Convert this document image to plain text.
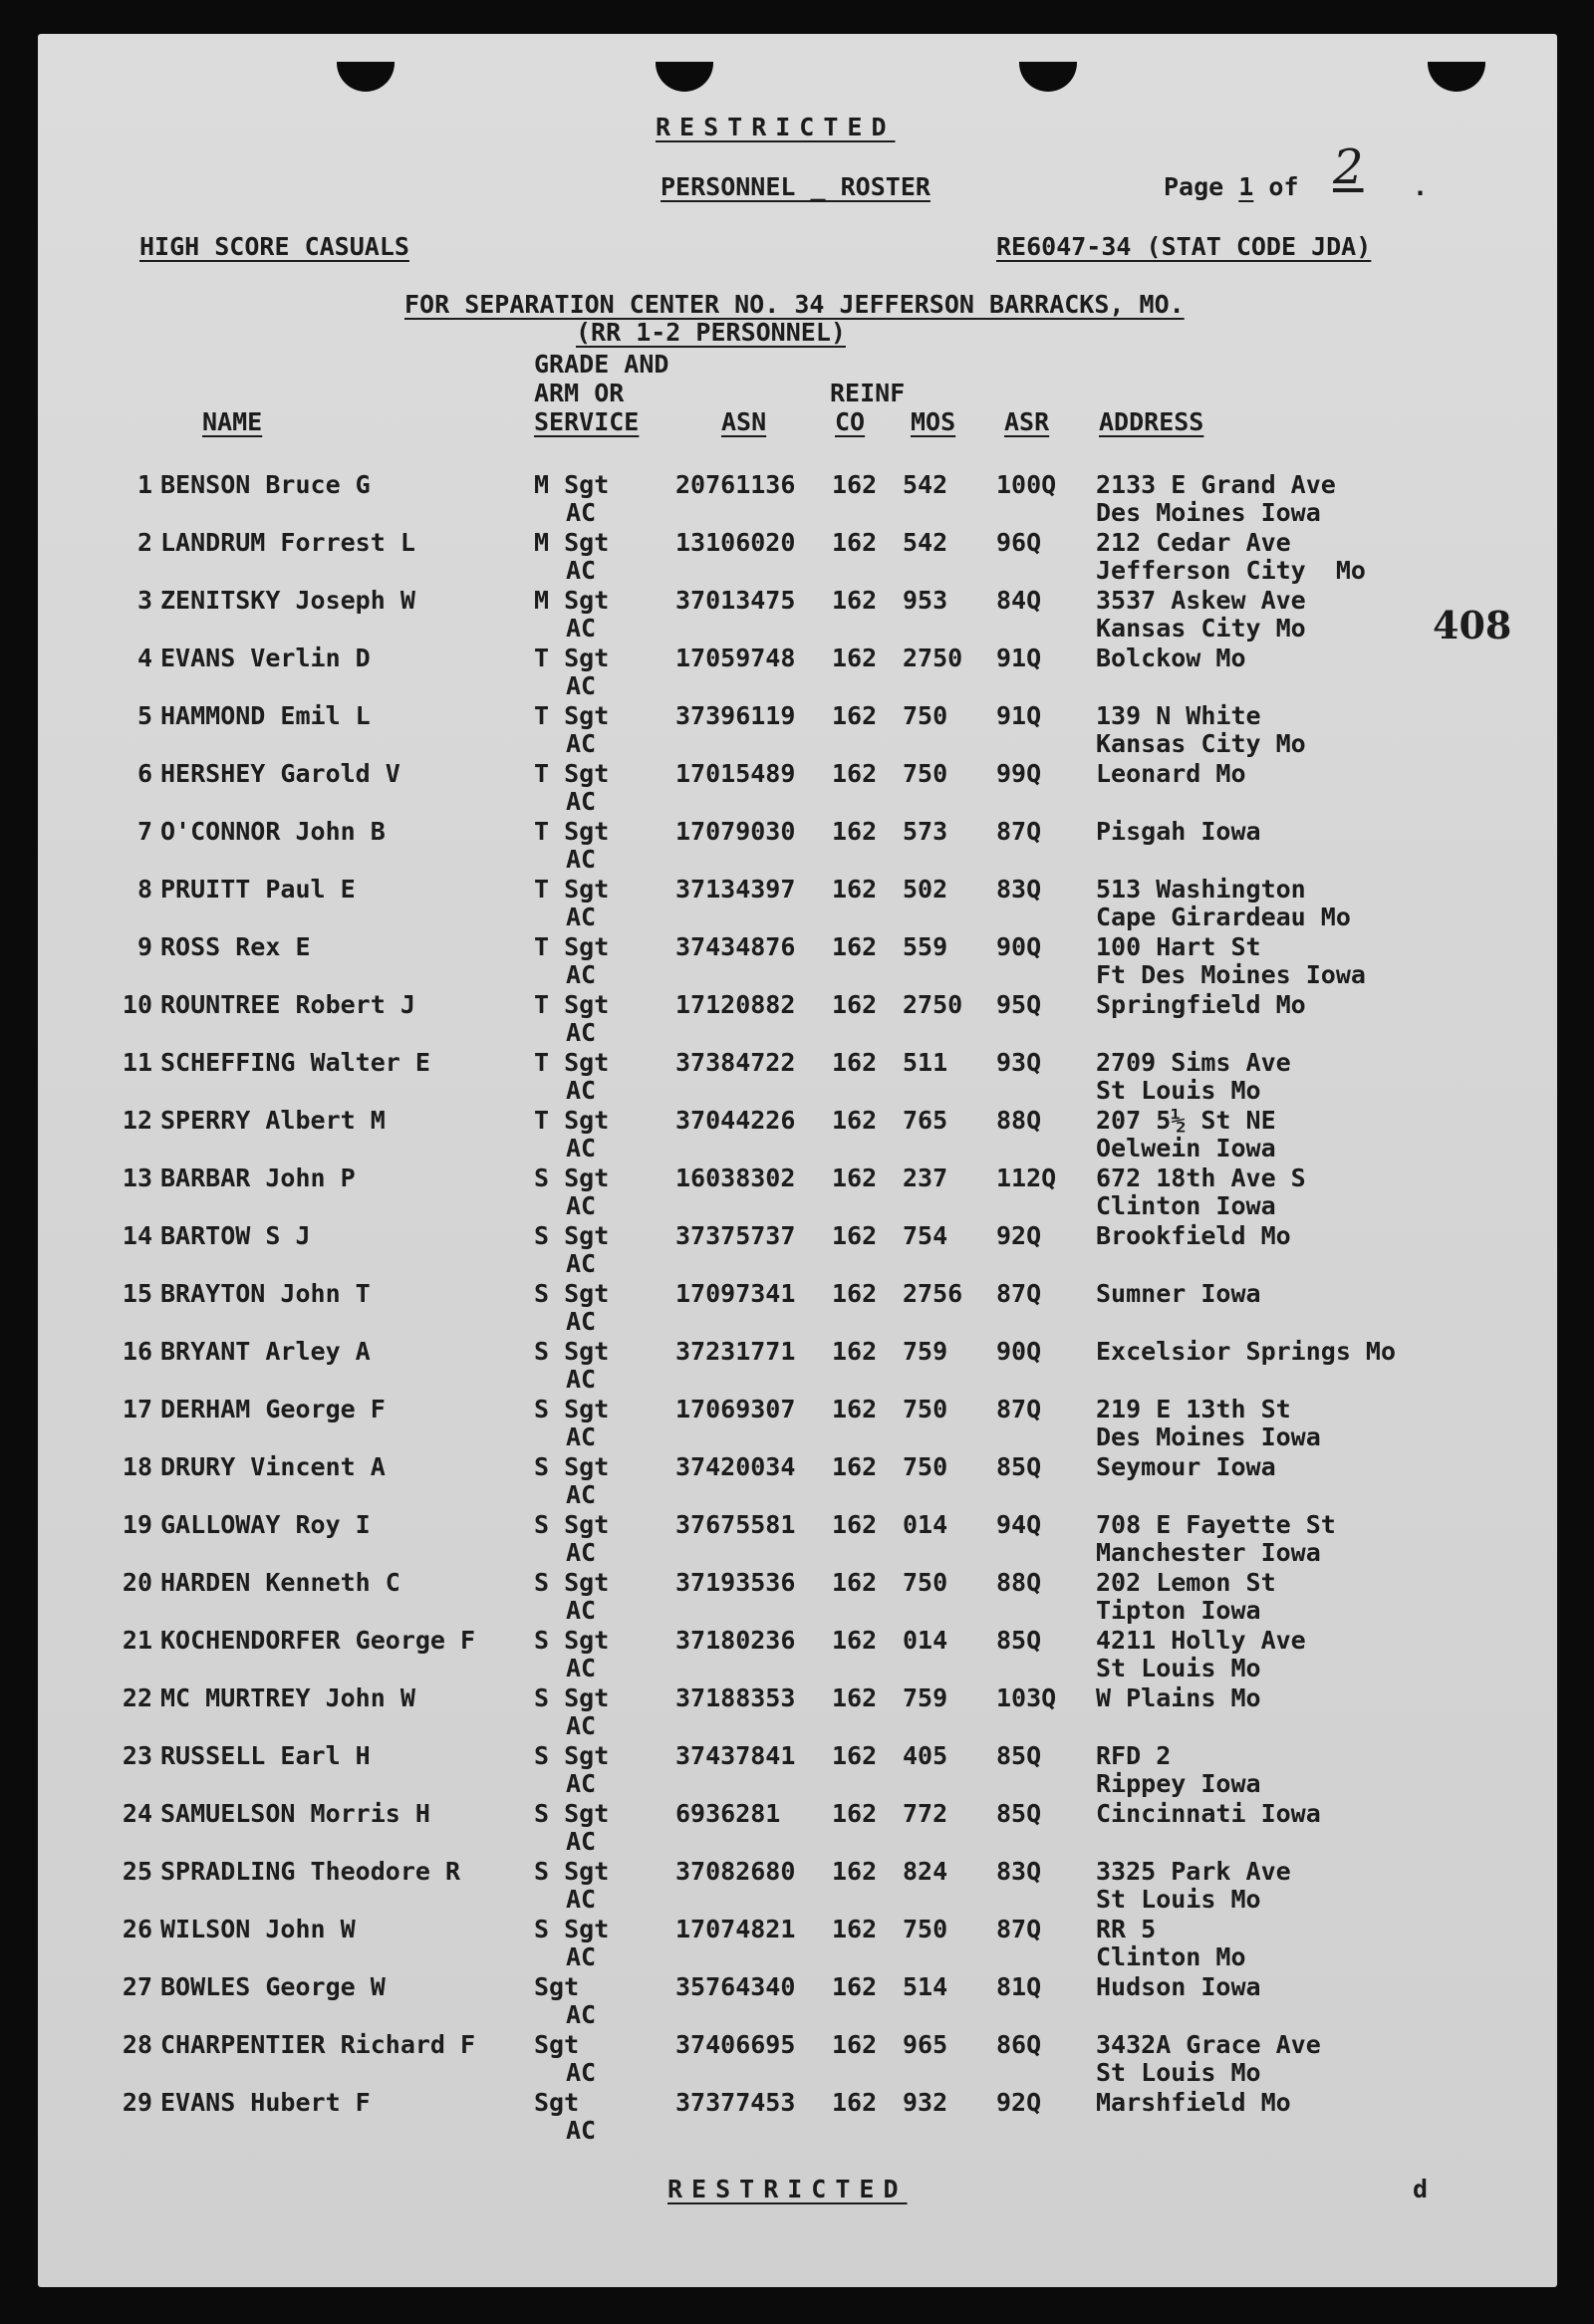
RESTRICTED
PERSONNEL _ ROSTER	Page 1 of 2 .
HIGH SCORE CASUALS	RE6047-34 (STAT CODE JDA)
FOR SEPARATION CENTER NO. 34 JEFFERSON BARRACKS, MO.
(RR 1-2 PERSONNEL)
408
GRADE AND
ARM OR
SERVICE
NAME	ASN
REINF
CO MOS ASR ADDRESS
1 BENSON Bruce G	M Sgt	20761136	162	542	100Q	2133 E Grand Ave
AC	Des Moines Iowa
2 LANDRUM Forrest L	M Sgt	13106020	162	542	96Q	212 Cedar Ave
AC	Jefferson City  Mo
3 ZENITSKY Joseph W	M Sgt	37013475	162	953	84Q	3537 Askew Ave
AC	Kansas City Mo
4 EVANS Verlin D	T Sgt	17059748	162	2750	91Q	Bolckow Mo
AC
5 HAMMOND Emil L	T Sgt	37396119	162	750	91Q	139 N White
AC	Kansas City Mo
6 HERSHEY Garold V	T Sgt	17015489	162	750	99Q	Leonard Mo
AC
7 O'CONNOR John B	T Sgt	17079030	162	573	87Q	Pisgah Iowa
AC
8 PRUITT Paul E	T Sgt	37134397	162	502	83Q	513 Washington
AC	Cape Girardeau Mo
9 ROSS Rex E	T Sgt	37434876	162	559	90Q	100 Hart St
AC	Ft Des Moines Iowa
10 ROUNTREE Robert J	T Sgt	17120882	162	2750	95Q	Springfield Mo
AC
11 SCHEFFING Walter E	T Sgt	37384722	162	511	93Q	2709 Sims Ave
AC	St Louis Mo
12 SPERRY Albert M	T Sgt	37044226	162	765	88Q	207 5½ St NE
AC	Oelwein Iowa
13 BARBAR John P	S Sgt	16038302	162	237	112Q	672 18th Ave S
AC	Clinton Iowa
14 BARTOW S J	S Sgt	37375737	162	754	92Q	Brookfield Mo
AC
15 BRAYTON John T	S Sgt	17097341	162	2756	87Q	Sumner Iowa
AC
16 BRYANT Arley A	S Sgt	37231771	162	759	90Q	Excelsior Springs Mo
AC
17 DERHAM George F	S Sgt	17069307	162	750	87Q	219 E 13th St
AC	Des Moines Iowa
18 DRURY Vincent A	S Sgt	37420034	162	750	85Q	Seymour Iowa
AC
19 GALLOWAY Roy I	S Sgt	37675581	162	014	94Q	708 E Fayette St
AC	Manchester Iowa
20 HARDEN Kenneth C	S Sgt	37193536	162	750	88Q	202 Lemon St
AC	Tipton Iowa
21 KOCHENDORFER George F	S Sgt	37180236	162	014	85Q	4211 Holly Ave
AC	St Louis Mo
22 MC MURTREY John W	S Sgt	37188353	162	759	103Q	W Plains Mo
AC
23 RUSSELL Earl H	S Sgt	37437841	162	405	85Q	RFD 2
AC	Rippey Iowa
24 SAMUELSON Morris H	S Sgt	6936281	162	772	85Q	Cincinnati Iowa
AC
25 SPRADLING Theodore R	S Sgt	37082680	162	824	83Q	3325 Park Ave
AC	St Louis Mo
26 WILSON John W	S Sgt	17074821	162	750	87Q	RR 5
AC	Clinton Mo
27 BOWLES George W	Sgt	35764340	162	514	81Q	Hudson Iowa
AC
28 CHARPENTIER Richard F	Sgt	37406695	162	965	86Q	3432A Grace Ave
AC	St Louis Mo
29 EVANS Hubert F	Sgt	37377453	162	932	92Q	Marshfield Mo
AC
RESTRICTED	d
